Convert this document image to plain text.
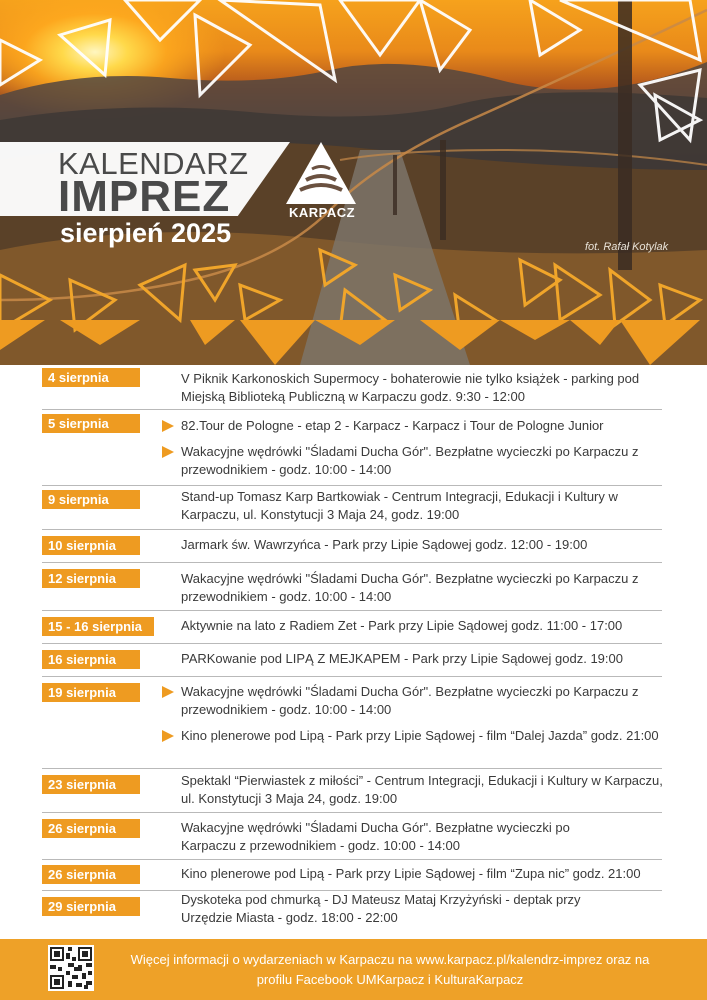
KALENDARZ
IMPREZ
sierpień 2025
KARPACZ
fot. Rafał Kotylak
4 sierpnia	V Piknik Karkonoskich Supermocy - bohaterowie nie tylko książek - parking pod Miejską Biblioteką Publiczną w Karpaczu godz. 9:30 - 12:00
5 sierpnia	82.Tour de Pologne - etap 2 - Karpacz - Karpacz i Tour de Pologne Junior
Wakacyjne wędrówki "Śladami Ducha Gór". Bezpłatne wycieczki po Karpaczu z przewodnikiem - godz. 10:00 - 14:00
9 sierpnia	Stand-up Tomasz Karp Bartkowiak - Centrum Integracji, Edukacji i Kultury w Karpaczu, ul. Konstytucji 3 Maja 24, godz. 19:00
10 sierpnia	Jarmark św. Wawrzyńca - Park przy Lipie Sądowej godz. 12:00 - 19:00
12 sierpnia	Wakacyjne wędrówki "Śladami Ducha Gór". Bezpłatne wycieczki po Karpaczu z przewodnikiem - godz. 10:00 - 14:00
15 - 16 sierpnia	Aktywnie na lato z Radiem Zet - Park przy Lipie Sądowej godz. 11:00 - 17:00
16 sierpnia	PARKowanie pod LIPĄ Z MEJKAPEM - Park przy Lipie Sądowej godz. 19:00
19 sierpnia	Wakacyjne wędrówki "Śladami Ducha Gór". Bezpłatne wycieczki po Karpaczu z przewodnikiem - godz. 10:00 - 14:00
Kino plenerowe pod Lipą - Park przy Lipie Sądowej - film “Dalej Jazda” godz. 21:00
23 sierpnia	Spektakl “Pierwiastek z miłości” - Centrum Integracji, Edukacji i Kultury w Karpaczu, ul. Konstytucji 3 Maja 24, godz. 19:00
26 sierpnia	Wakacyjne wędrówki "Śladami Ducha Gór". Bezpłatne wycieczki po Karpaczu z przewodnikiem - godz. 10:00 - 14:00
26 sierpnia	Kino plenerowe pod Lipą - Park przy Lipie Sądowej - film “Zupa nic” godz. 21:00
29 sierpnia	Dyskoteka pod chmurką - DJ Mateusz Mataj Krzyżyński - deptak przy Urzędzie Miasta - godz. 18:00 - 22:00
Więcej informacji o wydarzeniach w Karpaczu na www.karpacz.pl/kalendrz-imprez oraz na
profilu Facebook UMKarpacz i KulturaKarpacz
